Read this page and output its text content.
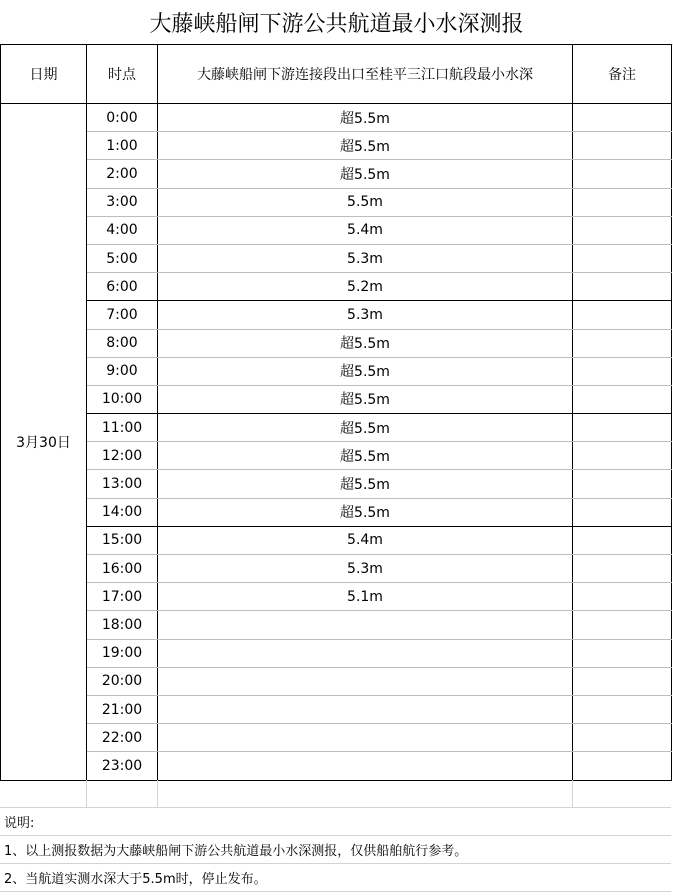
大藤峡船闸下游公共航道最小水深测报
日期	时点	大藤峡船闸下游连接段出口至桂平三江口航段最小水深	备注
3月30日	0:00	超5.5m	
	1:00	超5.5m	
	2:00	超5.5m	
	3:00	5.5m	
	4:00	5.4m	
	5:00	5.3m	
	6:00	5.2m	
	7:00	5.3m	
	8:00	超5.5m	
	9:00	超5.5m	
	10:00	超5.5m	
	11:00	超5.5m	
	12:00	超5.5m	
	13:00	超5.5m	
	14:00	超5.5m	
	15:00	5.4m	
	16:00	5.3m	
	17:00	5.1m	
	18:00		
	19:00		
	20:00		
	21:00		
	22:00		
	23:00		
说明:
1、以上测报数据为大藤峡船闸下游公共航道最小水深测报，仅供船舶航行参考。
2、当航道实测水深大于5.5m时，停止发布。
